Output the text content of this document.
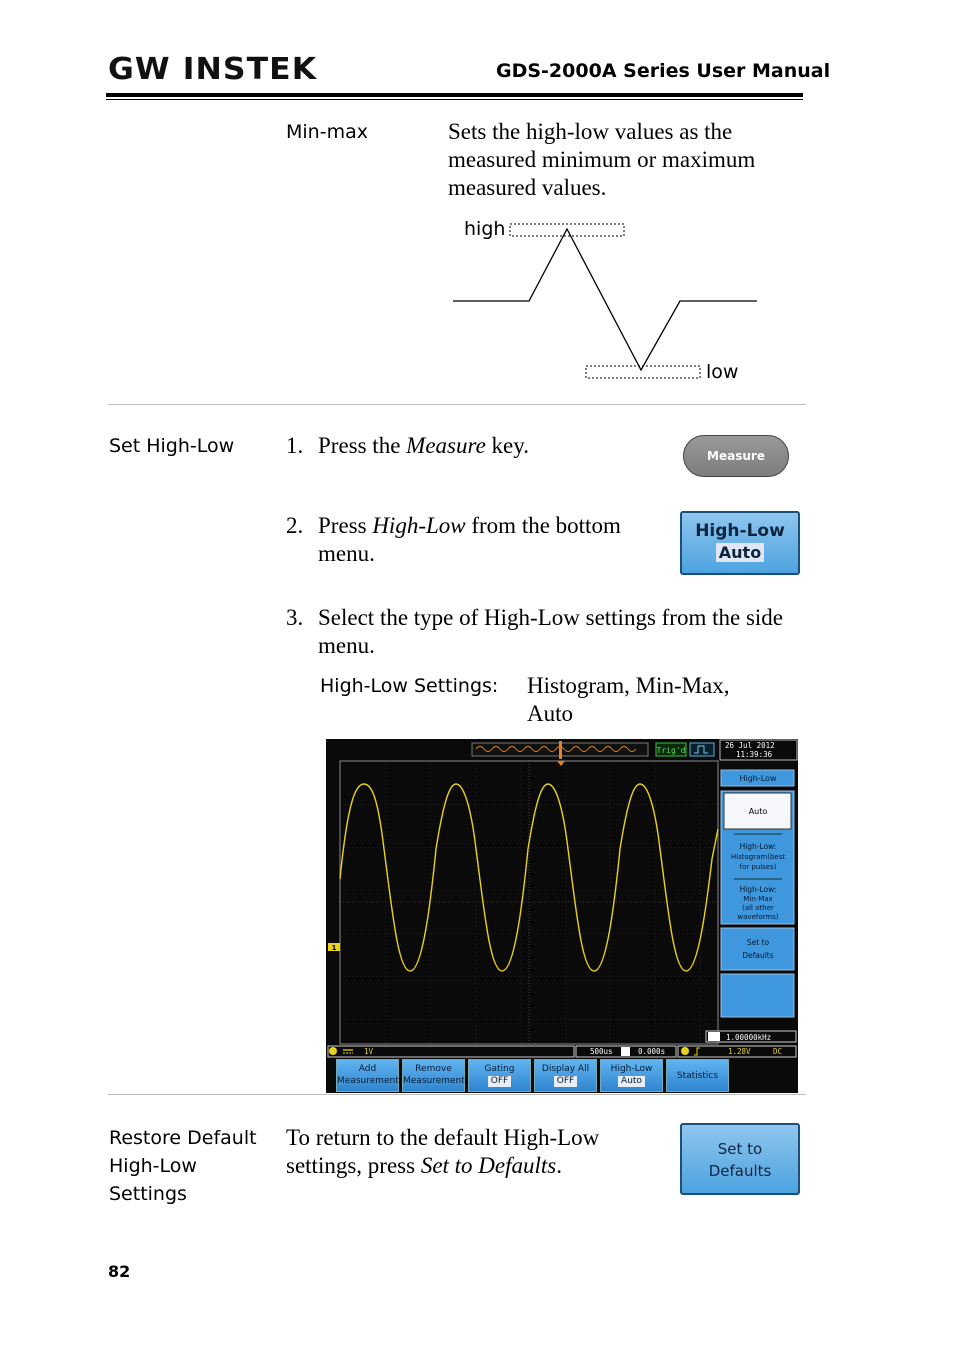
GW INSTEK	GDS-2000A Series User Manual
Min-max	Sets the high-low values as the measured minimum or maximum measured values.
high
low
Set High-Low 1. Press the Measure key.	Measure
2. Press High-Low from the bottom menu.
High-Low
Auto
3. Select the type of High-Low settings from the side menu.
High-Low Settings: Histogram, Min-Max, Auto
Trig'd
26 Jul 2012
11:39:36
1
High-Low
Auto
High-Low:
Histogram(best
for pulses)
High-Low:
Min-Max
(all other
waveforms)
Set to
Defaults
1.00000kHz
1V	500us	0.000s	1.28V	DC
Add
Measurement
Remove
Measurement
Gating
OFF
Display All
OFF
High-Low
Auto	Statistics
Restore Default
High-Low
Settings
To return to the default High-Low settings, press Set to Defaults.
Set to
Defaults
82
